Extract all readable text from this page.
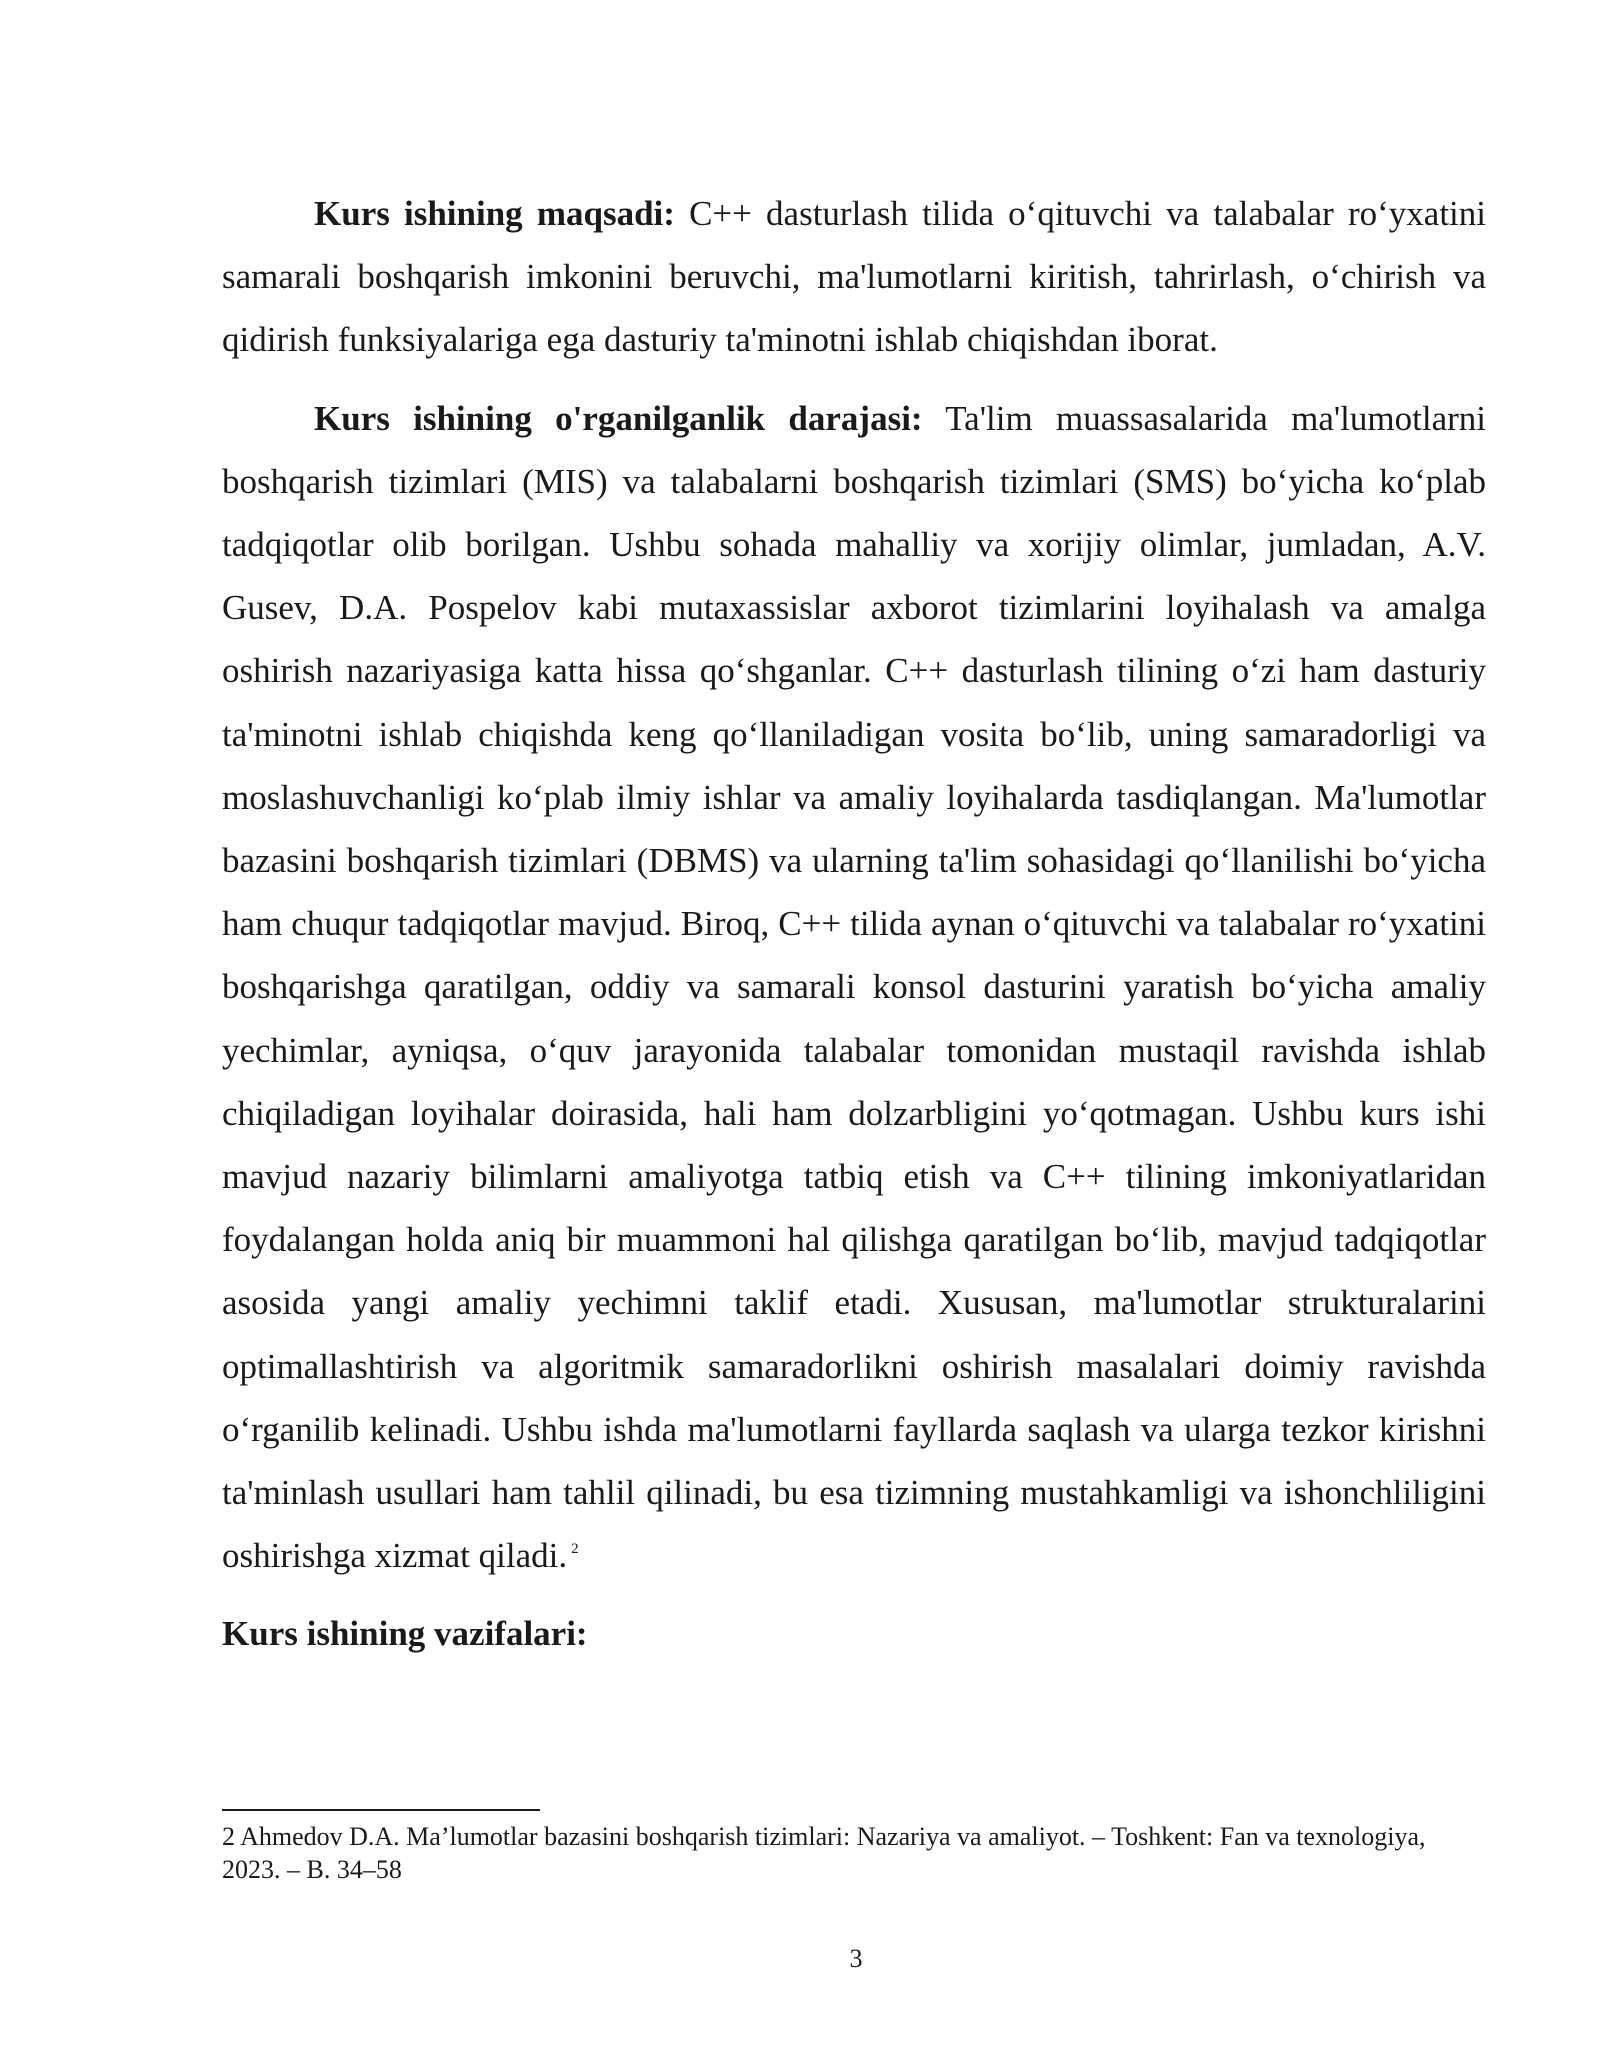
Kurs ishining maqsadi: C++ dasturlash tilida o‘qituvchi va talabalar ro‘yxatini samarali boshqarish imkonini beruvchi, ma'lumotlarni kiritish, tahrirlash, o‘chirish va qidirish funksiyalariga ega dasturiy ta'minotni ishlab chiqishdan iborat.

Kurs ishining o'rganilganlik darajasi: Ta'lim muassasalarida ma'lumotlarni boshqarish tizimlari (MIS) va talabalarni boshqarish tizimlari (SMS) bo‘yicha ko‘plab tadqiqotlar olib borilgan. Ushbu sohada mahalliy va xorijiy olimlar, jumladan, A.V. Gusev, D.A. Pospelov kabi mutaxassislar axborot tizimlarini loyihalash va amalga oshirish nazariyasiga katta hissa qo‘shganlar. C++ dasturlash tilining o‘zi ham dasturiy ta'minotni ishlab chiqishda keng qo‘llaniladigan vosita bo‘lib, uning samaradorligi va moslashuvchanligi ko‘plab ilmiy ishlar va amaliy loyihalarda tasdiqlangan. Ma'lumotlar bazasini boshqarish tizimlari (DBMS) va ularning ta'lim sohasidagi qo‘llanilishi bo‘yicha ham chuqur tadqiqotlar mavjud. Biroq, C++ tilida aynan o‘qituvchi va talabalar ro‘yxatini boshqarishga qaratilgan, oddiy va samarali konsol dasturini yaratish bo‘yicha amaliy yechimlar, ayniqsa, o‘quv jarayonida talabalar tomonidan mustaqil ravishda ishlab chiqiladigan loyihalar doirasida, hali ham dolzarbligini yo‘qotmagan. Ushbu kurs ishi mavjud nazariy bilimlarni amaliyotga tatbiq etish va C++ tilining imkoniyatlaridan foydalangan holda aniq bir muammoni hal qilishga qaratilgan bo‘lib, mavjud tadqiqotlar asosida yangi amaliy yechimni taklif etadi. Xususan, ma'lumotlar strukturalarini optimallashtirish va algoritmik samaradorlikni oshirish masalalari doimiy ravishda o‘rganilib kelinadi. Ushbu ishda ma'lumotlarni fayllarda saqlash va ularga tezkor kirishni ta'minlash usullari ham tahlil qilinadi, bu esa tizimning mustahkamligi va ishonchliligini oshirishga xizmat qiladi. $^2$

Kurs ishining vazifalari:

2 Ahmedov D.A. Ma’lumotlar bazasini boshqarish tizimlari: Nazariya va amaliyot. – Toshkent: Fan va texnologiya, 2023. – B. 34–58

3
